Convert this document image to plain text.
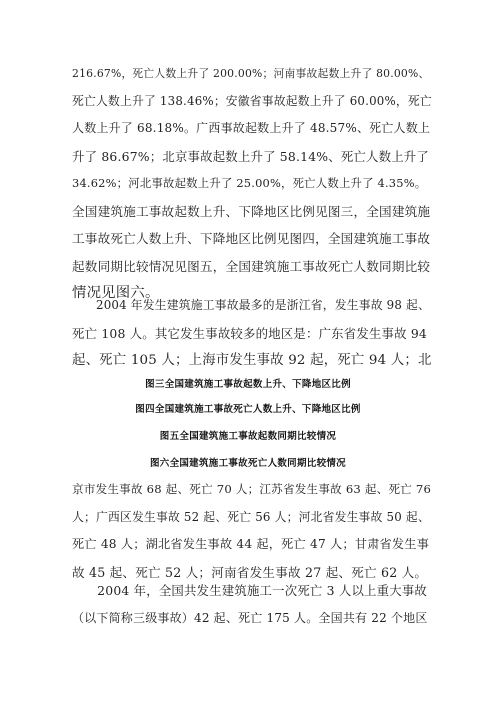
216.67%，死亡人数上升了 200.00%；河南事故起数上升了 80.00%、
死亡人数上升了 138.46%；安徽省事故起数上升了 60.00%，死亡
人数上升了 68.18%。广西事故起数上升了 48.57%、死亡人数上
升了 86.67%；北京事故起数上升了 58.14%、死亡人数上升了
34.62%；河北事故起数上升了 25.00%，死亡人数上升了 4.35%。
全国建筑施工事故起数上升、下降地区比例见图三，全国建筑施
工事故死亡人数上升、下降地区比例见图四，全国建筑施工事故
起数同期比较情况见图五，全国建筑施工事故死亡人数同期比较
情况见图六。
　　2004 年发生建筑施工事故最多的是浙江省，发生事故 98 起、
死亡 108 人。其它发生事故较多的地区是：广东省发生事故 94
起、死亡 105 人；上海市发生事故 92 起，死亡 94 人；北
图三全国建筑施工事故起数上升、下降地区比例
图四全国建筑施工事故死亡人数上升、下降地区比例
图五全国建筑施工事故起数同期比较情况
图六全国建筑施工事故死亡人数同期比较情况
京市发生事故 68 起、死亡 70 人；江苏省发生事故 63 起、死亡 76
人；广西区发生事故 52 起、死亡 56 人；河北省发生事故 50 起、
死亡 48 人；湖北省发生事故 44 起，死亡 47 人；甘肃省发生事
故 45 起、死亡 52 人；河南省发生事故 27 起、死亡 62 人。
　　2004 年，全国共发生建筑施工一次死亡 3 人以上重大事故
（以下简称三级事故）42 起、死亡 175 人。全国共有 22 个地区
